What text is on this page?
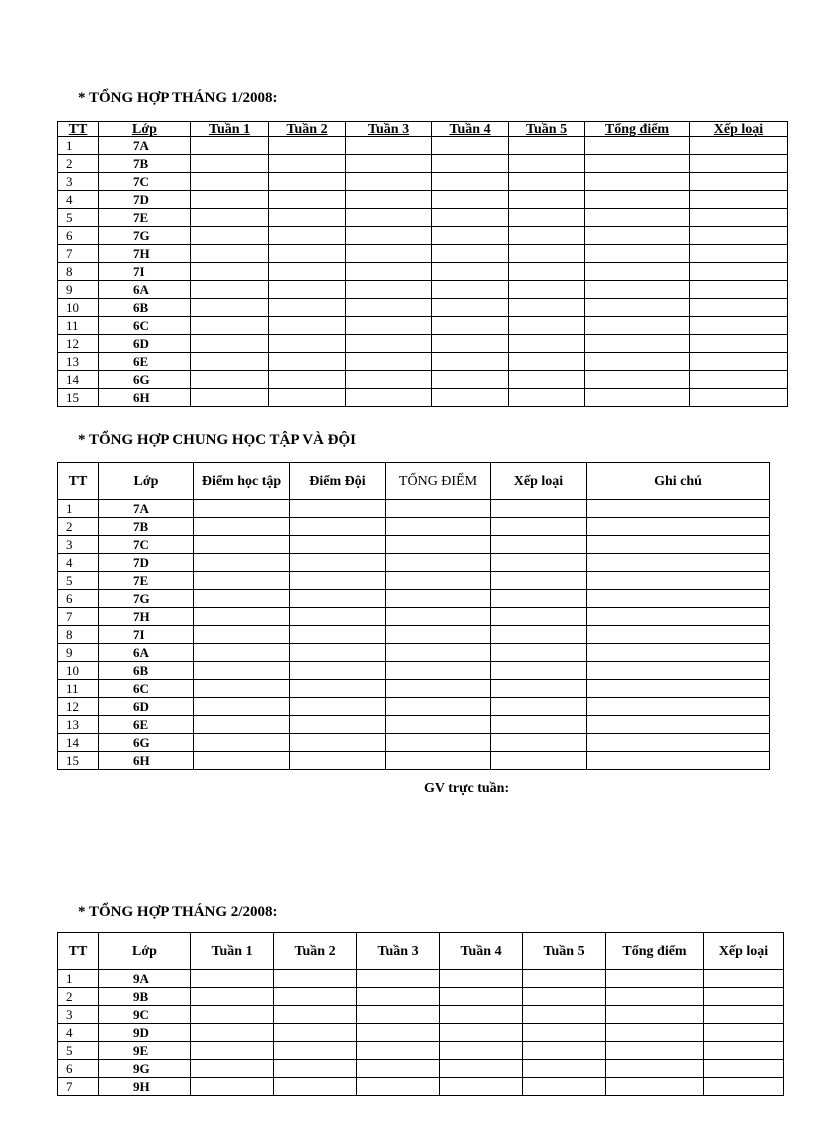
* TỔNG HỢP THÁNG 1/2008:
TT	Lớp	Tuần 1	Tuần 2	Tuần 3	Tuần 4	Tuần 5	Tổng điểm	Xếp loại
1	7A							
2	7B							
3	7C							
4	7D							
5	7E							
6	7G							
7	7H							
8	7I							
9	6A							
10	6B							
11	6C							
12	6D							
13	6E							
14	6G							
15	6H							
* TỔNG HỢP CHUNG HỌC TẬP VÀ ĐỘI
TT	Lớp	Điểm học tập	Điểm Đội	TỔNG ĐIỂM	Xếp loại	Ghi chú
1	7A					
2	7B					
3	7C					
4	7D					
5	7E					
6	7G					
7	7H					
8	7I					
9	6A					
10	6B					
11	6C					
12	6D					
13	6E					
14	6G					
15	6H					
GV trực tuần:
* TỔNG HỢP THÁNG 2/2008:
TT	Lớp	Tuần 1	Tuần 2	Tuần 3	Tuần 4	Tuần 5	Tổng điểm	Xếp loại
1	9A							
2	9B							
3	9C							
4	9D							
5	9E							
6	9G							
7	9H							
